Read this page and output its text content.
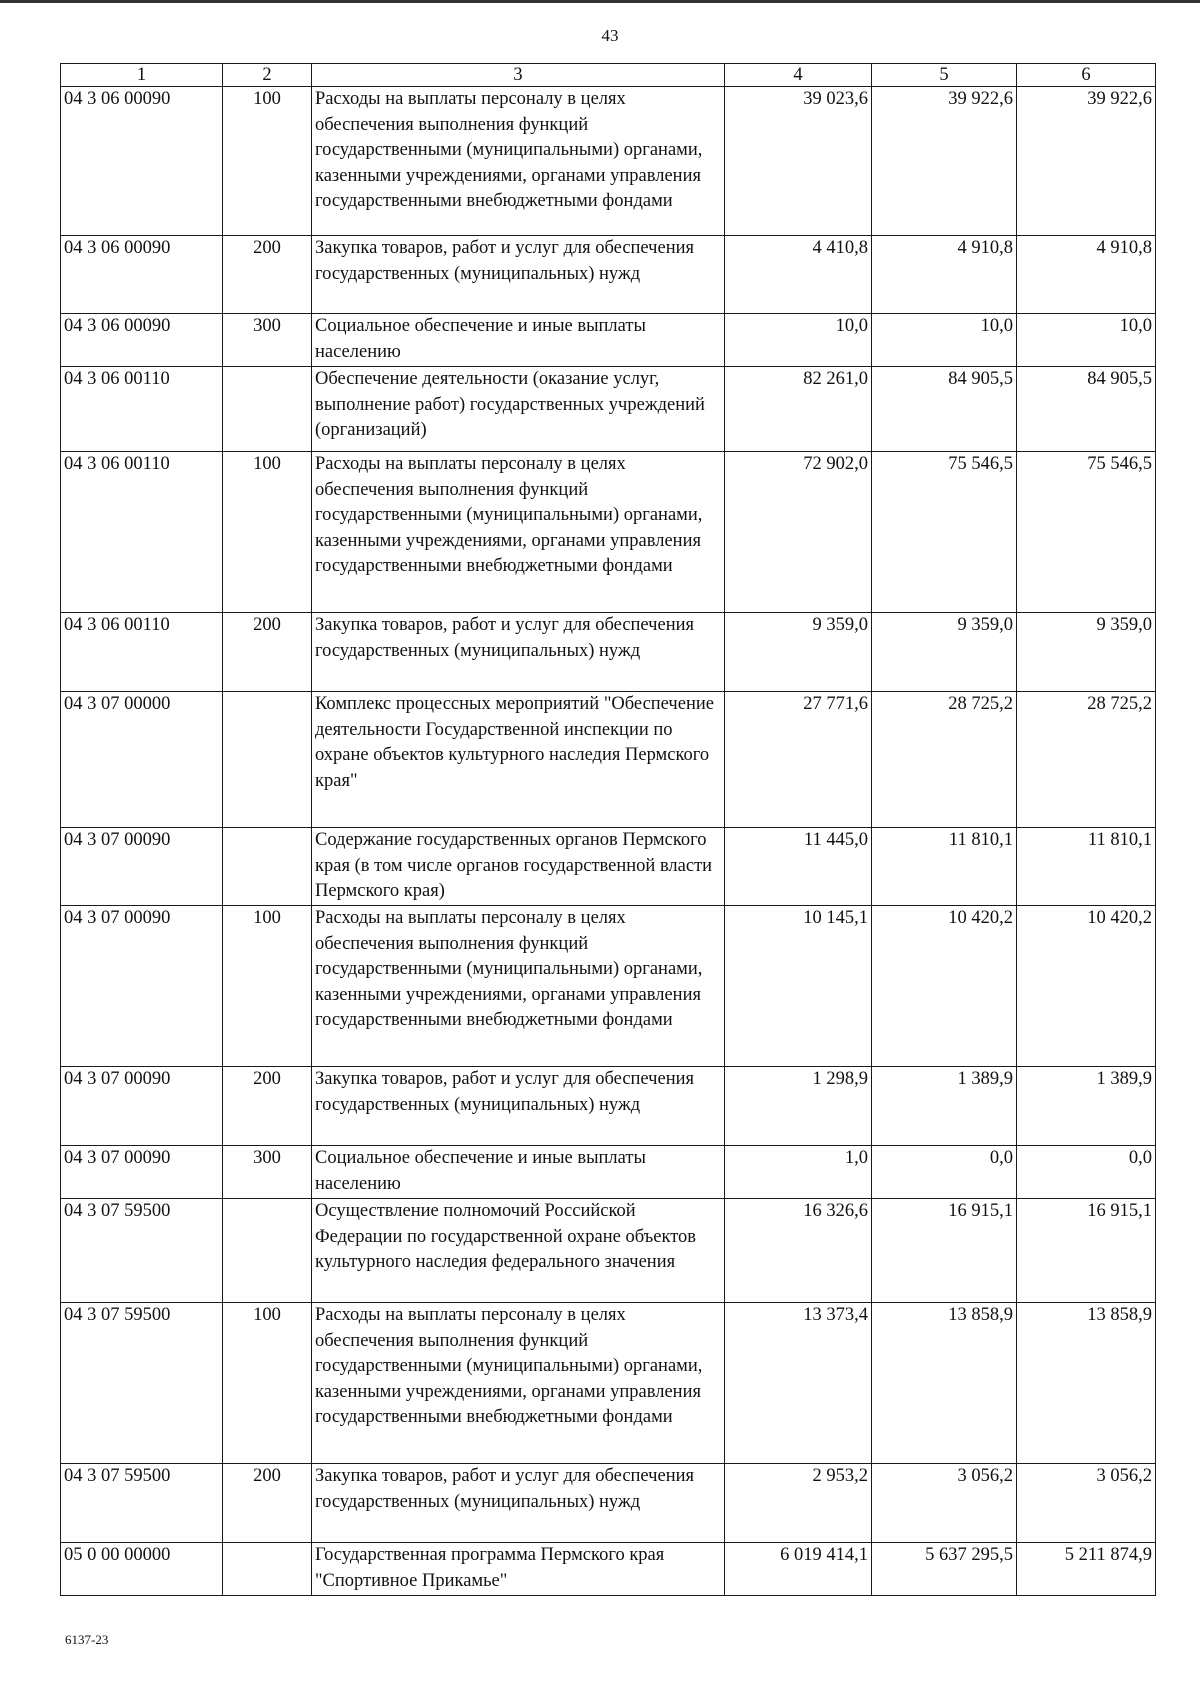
43
1	2	3	4	5	6
04 3 06 00090	100	Расходы на выплаты персоналу в целях обеспечения выполнения функций государственными (муниципальными) органами, казенными учреждениями, органами управления государственными внебюджетными фондами	39 023,6	39 922,6	39 922,6
04 3 06 00090	200	Закупка товаров, работ и услуг для обеспечения государственных (муниципальных) нужд	4 410,8	4 910,8	4 910,8
04 3 06 00090	300	Социальное обеспечение и иные выплаты населению	10,0	10,0	10,0
04 3 06 00110		Обеспечение деятельности (оказание услуг, выполнение работ) государственных учреждений (организаций)	82 261,0	84 905,5	84 905,5
04 3 06 00110	100	Расходы на выплаты персоналу в целях обеспечения выполнения функций государственными (муниципальными) органами, казенными учреждениями, органами управления государственными внебюджетными фондами	72 902,0	75 546,5	75 546,5
04 3 06 00110	200	Закупка товаров, работ и услуг для обеспечения государственных (муниципальных) нужд	9 359,0	9 359,0	9 359,0
04 3 07 00000		Комплекс процессных мероприятий "Обеспечение деятельности Государственной инспекции по охране объектов культурного наследия Пермского края"	27 771,6	28 725,2	28 725,2
04 3 07 00090		Содержание государственных органов Пермского края (в том числе органов государственной власти Пермского края)	11 445,0	11 810,1	11 810,1
04 3 07 00090	100	Расходы на выплаты персоналу в целях обеспечения выполнения функций государственными (муниципальными) органами, казенными учреждениями, органами управления государственными внебюджетными фондами	10 145,1	10 420,2	10 420,2
04 3 07 00090	200	Закупка товаров, работ и услуг для обеспечения государственных (муниципальных) нужд	1 298,9	1 389,9	1 389,9
04 3 07 00090	300	Социальное обеспечение и иные выплаты населению	1,0	0,0	0,0
04 3 07 59500		Осуществление полномочий Российской Федерации по государственной охране объектов культурного наследия федерального значения	16 326,6	16 915,1	16 915,1
04 3 07 59500	100	Расходы на выплаты персоналу в целях обеспечения выполнения функций государственными (муниципальными) органами, казенными учреждениями, органами управления государственными внебюджетными фондами	13 373,4	13 858,9	13 858,9
04 3 07 59500	200	Закупка товаров, работ и услуг для обеспечения государственных (муниципальных) нужд	2 953,2	3 056,2	3 056,2
05 0 00 00000		Государственная программа Пермского края "Спортивное Прикамье"	6 019 414,1	5 637 295,5	5 211 874,9
6137-23
